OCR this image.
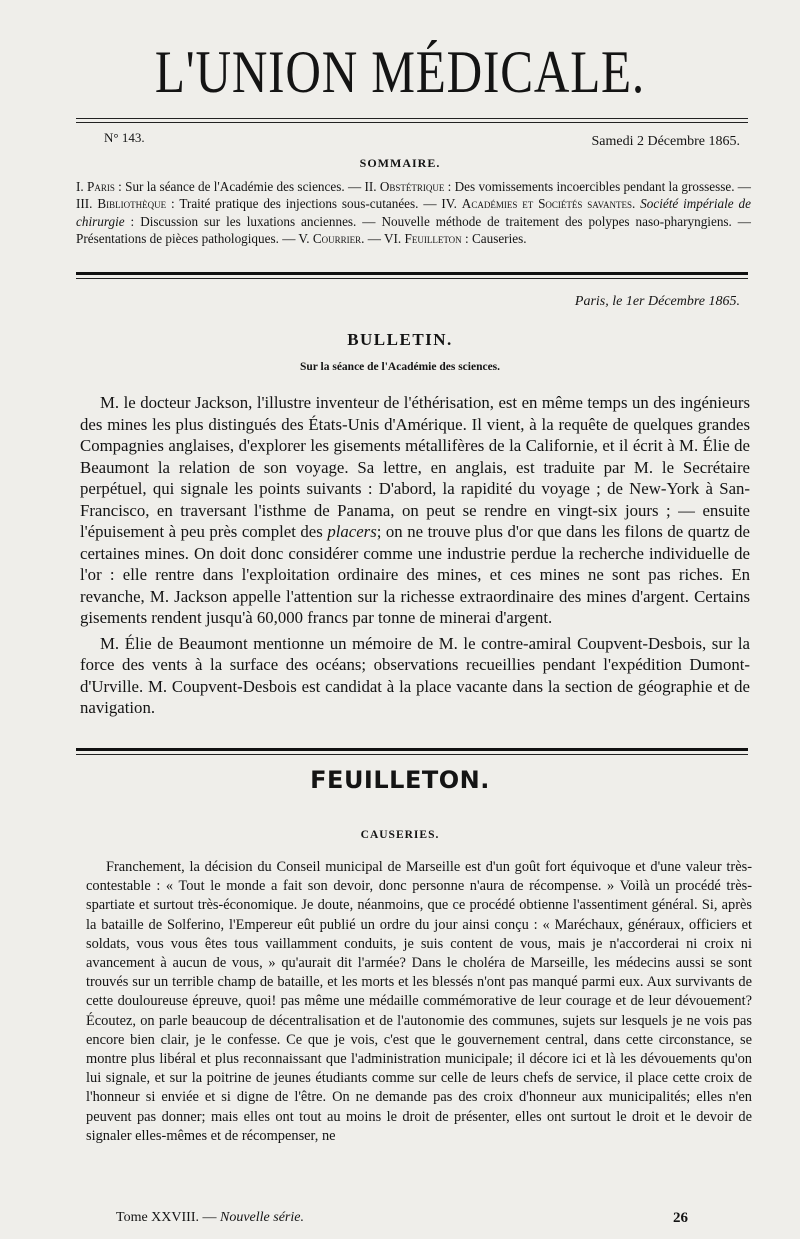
L'UNION MÉDICALE.
N° 143.	Samedi 2 Décembre 1865.
SOMMAIRE.
I. Paris : Sur la séance de l'Académie des sciences. — II. Obstétrique : Des vomissements incoercibles pendant la grossesse. — III. Bibliothèque : Traité pratique des injections sous-cutanées. — IV. Académies et Sociétés savantes. Société impériale de chirurgie : Discussion sur les luxations anciennes. — Nouvelle méthode de traitement des polypes naso-pharyngiens. — Présentations de pièces pathologiques. — V. Courrier. — VI. Feuilleton : Causeries.
Paris, le 1er Décembre 1865.
BULLETIN.
Sur la séance de l'Académie des sciences.

M. le docteur Jackson, l'illustre inventeur de l'éthérisation, est en même temps un des ingénieurs des mines les plus distingués des États-Unis d'Amérique. Il vient, à la requête de quelques grandes Compagnies anglaises, d'explorer les gisements métallifères de la Californie, et il écrit à M. Élie de Beaumont la relation de son voyage. Sa lettre, en anglais, est traduite par M. le Secrétaire perpétuel, qui signale les points suivants : D'abord, la rapidité du voyage ; de New-York à San-Francisco, en traversant l'isthme de Panama, on peut se rendre en vingt-six jours ; — ensuite l'épuisement à peu près complet des placers; on ne trouve plus d'or que dans les filons de quartz de certaines mines. On doit donc considérer comme une industrie perdue la recherche individuelle de l'or : elle rentre dans l'exploitation ordinaire des mines, et ces mines ne sont pas riches. En revanche, M. Jackson appelle l'attention sur la richesse extraordinaire des mines d'argent. Certains gisements rendent jusqu'à 60,000 francs par tonne de minerai d'argent.

M. Élie de Beaumont mentionne un mémoire de M. le contre-amiral Coupvent-Desbois, sur la force des vents à la surface des océans; observations recueillies pendant l'expédition Dumont-d'Urville. M. Coupvent-Desbois est candidat à la place vacante dans la section de géographie et de navigation.

FEUILLETON.
CAUSERIES.

Franchement, la décision du Conseil municipal de Marseille est d'un goût fort équivoque et d'une valeur très-contestable : « Tout le monde a fait son devoir, donc personne n'aura de récompense. » Voilà un procédé très-spartiate et surtout très-économique. Je doute, néanmoins, que ce procédé obtienne l'assentiment général. Si, après la bataille de Solferino, l'Empereur eût publié un ordre du jour ainsi conçu : « Maréchaux, généraux, officiers et soldats, vous vous êtes tous vaillamment conduits, je suis content de vous, mais je n'accorderai ni croix ni avancement à aucun de vous, » qu'aurait dit l'armée? Dans le choléra de Marseille, les médecins aussi se sont trouvés sur un terrible champ de bataille, et les morts et les blessés n'ont pas manqué parmi eux. Aux survivants de cette douloureuse épreuve, quoi! pas même une médaille commémorative de leur courage et de leur dévouement? Écoutez, on parle beaucoup de décentralisation et de l'autonomie des communes, sujets sur lesquels je ne vois pas encore bien clair, je le confesse. Ce que je vois, c'est que le gouvernement central, dans cette circonstance, se montre plus libéral et plus reconnaissant que l'administration municipale; il décore ici et là les dévouements qu'on lui signale, et sur la poitrine de jeunes étudiants comme sur celle de leurs chefs de service, il place cette croix de l'honneur si enviée et si digne de l'être. On ne demande pas des croix d'honneur aux municipalités; elles n'en peuvent pas donner; mais elles ont tout au moins le droit de présenter, elles ont surtout le droit et le devoir de signaler elles-mêmes et de récompenser, ne

Tome XXVIII. — Nouvelle série.	26
